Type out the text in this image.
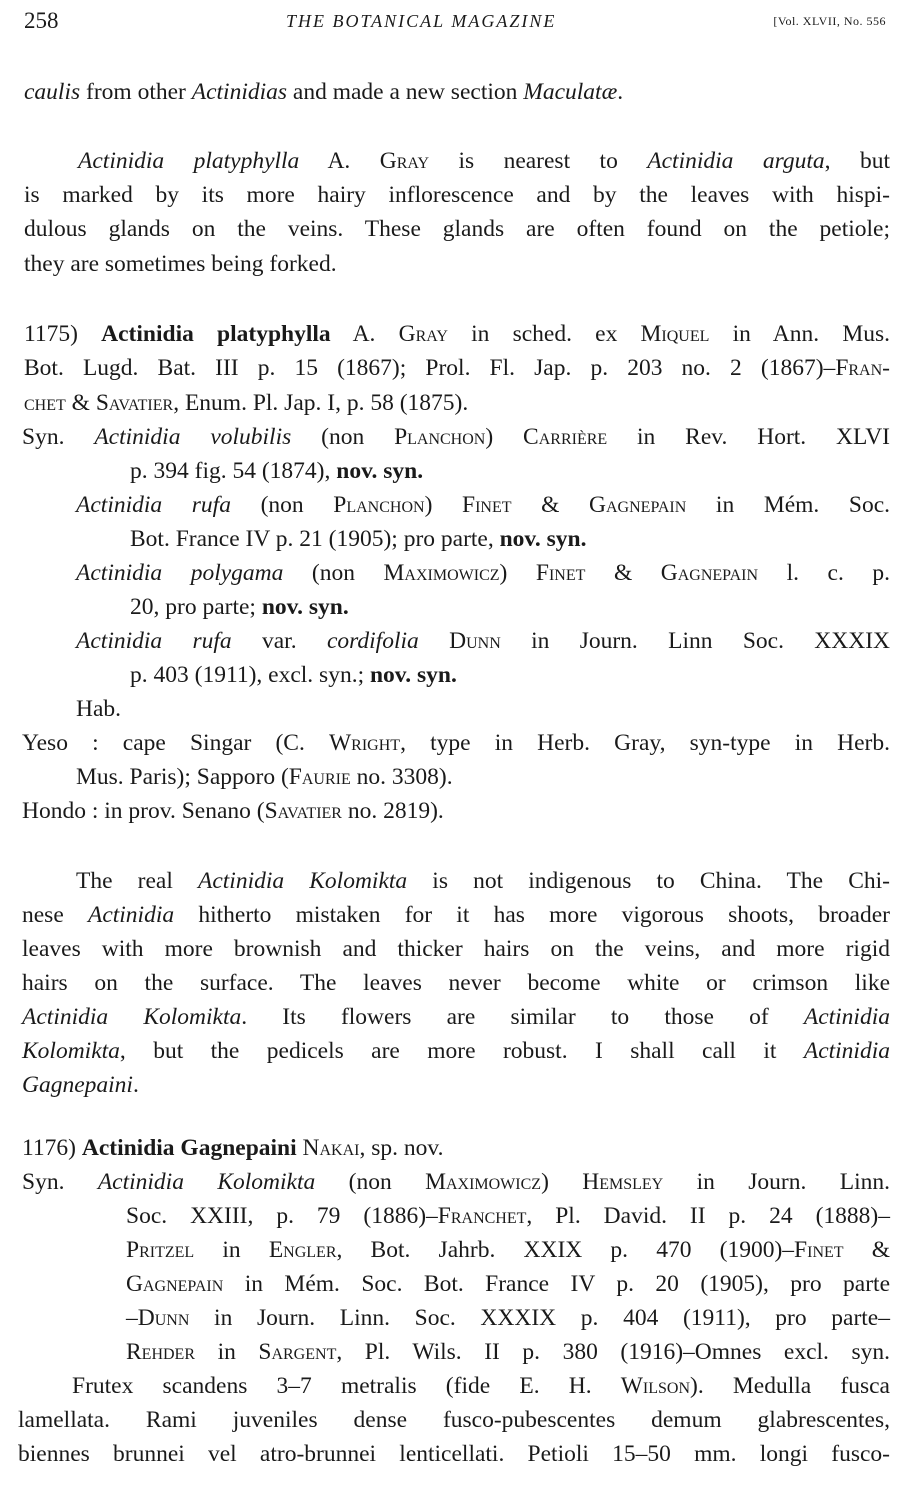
258	THE BOTANICAL MAGAZINE	[Vol. XLVII, No. 556
caulis from other Actinidias and made a new section Maculatæ.
Actinidia platyphylla A. Gray is nearest to Actinidia arguta, but
is marked by its more hairy inflorescence and by the leaves with hispi-
dulous glands on the veins. These glands are often found on the petiole;
they are sometimes being forked.
1175) Actinidia platyphylla A. Gray in sched. ex Miquel in Ann. Mus.
Bot. Lugd. Bat. III p. 15 (1867); Prol. Fl. Jap. p. 203 no. 2 (1867)–Fran-
chet & Savatier, Enum. Pl. Jap. I, p. 58 (1875).
Syn. Actinidia volubilis (non Planchon) Carrière in Rev. Hort. XLVI
p. 394 fig. 54 (1874), nov. syn.
Actinidia rufa (non Planchon) Finet & Gagnepain in Mém. Soc.
Bot. France IV p. 21 (1905); pro parte, nov. syn.
Actinidia polygama (non Maximowicz) Finet & Gagnepain l. c. p.
20, pro parte; nov. syn.
Actinidia rufa var. cordifolia Dunn in Journ. Linn Soc. XXXIX
p. 403 (1911), excl. syn.; nov. syn.
Hab.
Yeso : cape Singar (C. Wright, type in Herb. Gray, syn-type in Herb.
Mus. Paris); Sapporo (Faurie no. 3308).
Hondo : in prov. Senano (Savatier no. 2819).
The real Actinidia Kolomikta is not indigenous to China. The Chi-
nese Actinidia hitherto mistaken for it has more vigorous shoots, broader
leaves with more brownish and thicker hairs on the veins, and more rigid
hairs on the surface. The leaves never become white or crimson like
Actinidia Kolomikta. Its flowers are similar to those of Actinidia
Kolomikta, but the pedicels are more robust. I shall call it Actinidia
Gagnepaini.
1176) Actinidia Gagnepaini Nakai, sp. nov.
Syn. Actinidia Kolomikta (non Maximowicz) Hemsley in Journ. Linn.
Soc. XXIII, p. 79 (1886)–Franchet, Pl. David. II p. 24 (1888)–
Pritzel in Engler, Bot. Jahrb. XXIX p. 470 (1900)–Finet &
Gagnepain in Mém. Soc. Bot. France IV p. 20 (1905), pro parte
–Dunn in Journ. Linn. Soc. XXXIX p. 404 (1911), pro parte–
Rehder in Sargent, Pl. Wils. II p. 380 (1916)–Omnes excl. syn.
Frutex scandens 3–7 metralis (fide E. H. Wilson). Medulla fusca
lamellata. Rami juveniles dense fusco-pubescentes demum glabrescentes,
biennes brunnei vel atro-brunnei lenticellati. Petioli 15–50 mm. longi fusco-
